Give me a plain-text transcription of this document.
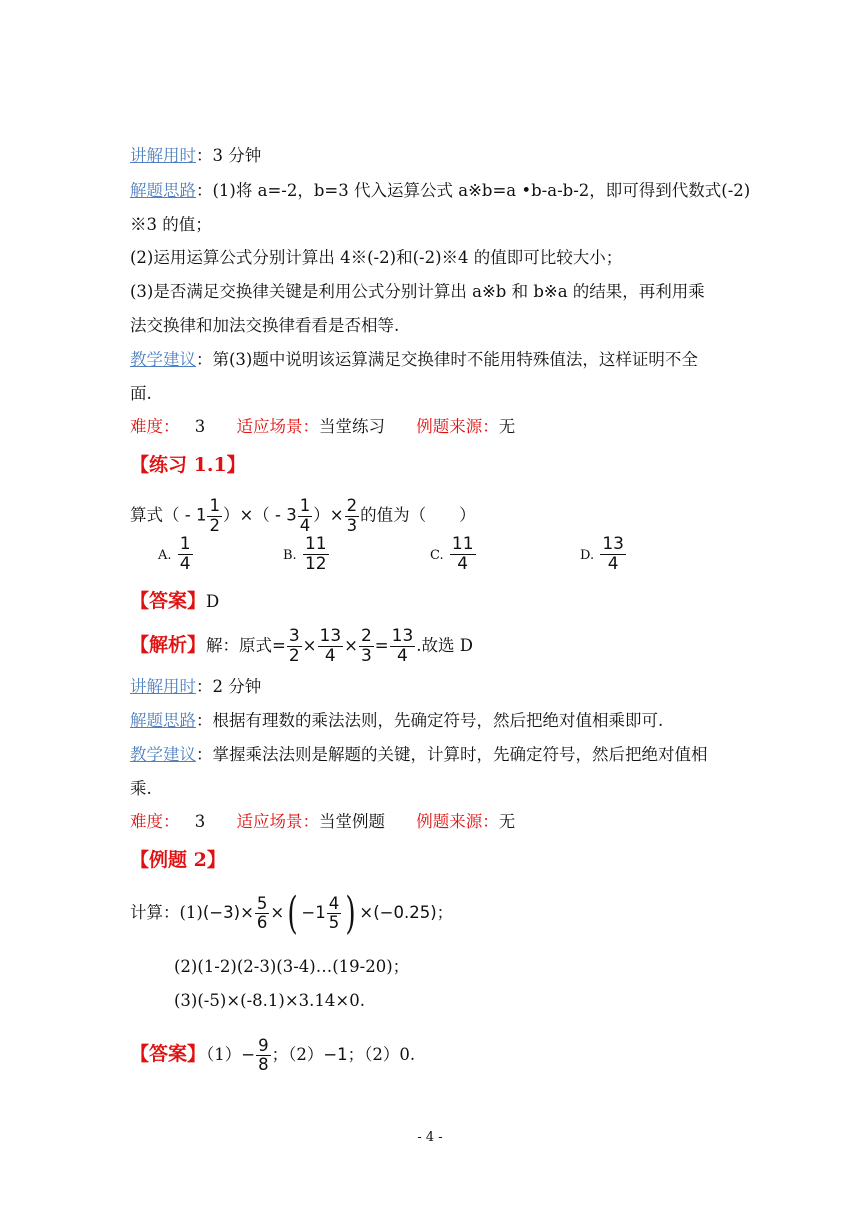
讲解用时：3 分钟
解题思路：(1)将 a=-2，b=3 代入运算公式 a※b=a •b-a-b-2，即可得到代数式(-2)
※3 的值；
(2)运用运算公式分别计算出 4※(-2)和(-2)※4 的值即可比较大小；
(3)是否满足交换律关键是利用公式分别计算出 a※b 和 b※a 的结果，再利用乘
法交换律和加法交换律看看是否相等.
教学建议：第(3)题中说明该运算满足交换律时不能用特殊值法，这样证明不全
面.
难度： 3 适应场景：当堂练习 例题来源：无
【练习 1.1】
算式（ - $1 \frac{1}{2}$ ）×（ - $3 \frac{1}{4}$ ）× $\frac{2}{3}$ 的值为（　　）
A. $\frac{1}{4}$	B. $\frac{11}{12}$	C. $\frac{11}{4}$	D. $\frac{13}{4}$
【答案】D
【解析】解：原式= $\frac{3}{2} \times \frac{13}{4} \times \frac{2}{3} = \frac{13}{4}$ .故选 D
讲解用时：2 分钟
解题思路：根据有理数的乘法法则，先确定符号，然后把绝对值相乘即可.
教学建议：掌握乘法法则是解题的关键，计算时，先确定符号，然后把绝对值相
乘.
难度： 3 适应场景：当堂例题 例题来源：无
【例题 2】
计算：$(1)(-3)\times \frac{5}{6}$ ×( $-1 \frac{4}{5}$ ) ×(−0.25)；
(2)(1-2)(2-3)(3-4)…(19-20)；
(3)(-5)×(-8.1)×3.14×0.
【答案】$(1)- \frac{9}{8}$ ；（2）−1；（2）0.
- 4 -
